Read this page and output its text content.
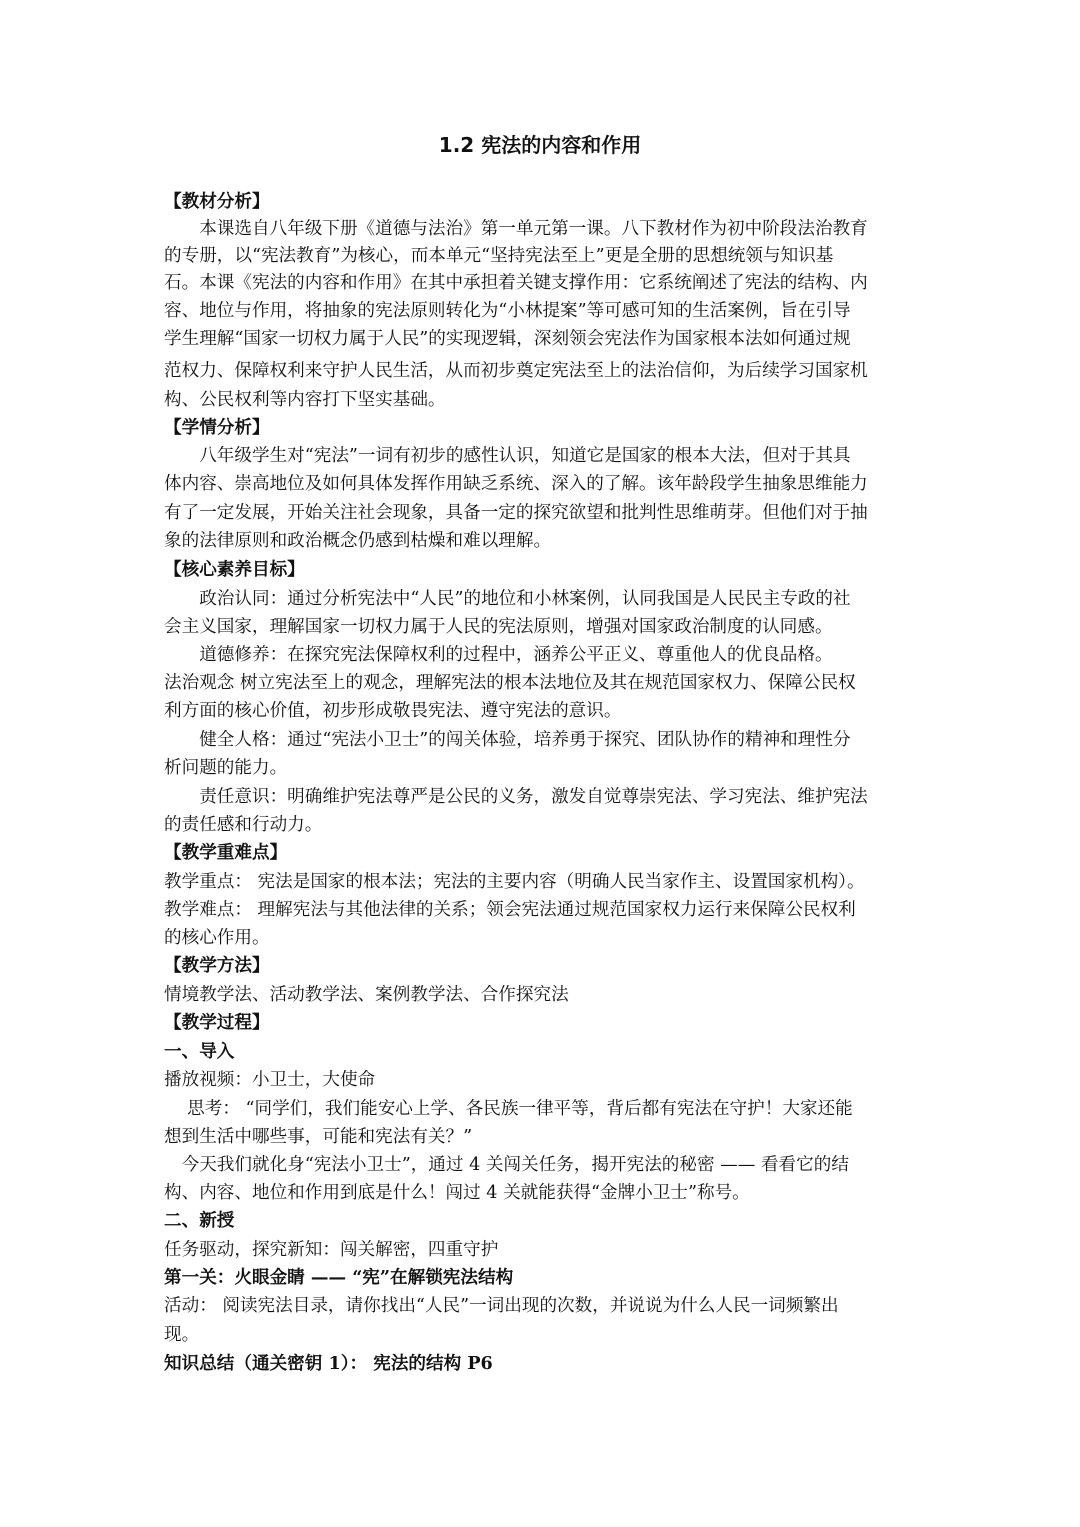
1.2 宪法的内容和作用
【教材分析】
　　本课选自八年级下册《道德与法治》第一单元第一课。八下教材作为初中阶段法治教育
的专册，以“宪法教育”为核心，而本单元“坚持宪法至上”更是全册的思想统领与知识基
石。本课《宪法的内容和作用》在其中承担着关键支撑作用：它系统阐述了宪法的结构、内
容、地位与作用，将抽象的宪法原则转化为“小林提案”等可感可知的生活案例，旨在引导
学生理解“国家一切权力属于人民”的实现逻辑，深刻领会宪法作为国家根本法如何通过规
范权力、保障权利来守护人民生活，从而初步奠定宪法至上的法治信仰，为后续学习国家机
构、公民权利等内容打下坚实基础。
【学情分析】
　　八年级学生对“宪法”一词有初步的感性认识，知道它是国家的根本大法，但对于其具
体内容、崇高地位及如何具体发挥作用缺乏系统、深入的了解。该年龄段学生抽象思维能力
有了一定发展，开始关注社会现象，具备一定的探究欲望和批判性思维萌芽。但他们对于抽
象的法律原则和政治概念仍感到枯燥和难以理解。
【核心素养目标】
　　政治认同：通过分析宪法中“人民”的地位和小林案例，认同我国是人民民主专政的社
会主义国家，理解国家一切权力属于人民的宪法原则，增强对国家政治制度的认同感。
　　道德修养：在探究宪法保障权利的过程中，涵养公平正义、尊重他人的优良品格。
法治观念 树立宪法至上的观念，理解宪法的根本法地位及其在规范国家权力、保障公民权
利方面的核心价值，初步形成敬畏宪法、遵守宪法的意识。
　　健全人格：通过“宪法小卫士”的闯关体验，培养勇于探究、团队协作的精神和理性分
析问题的能力。
　　责任意识：明确维护宪法尊严是公民的义务，激发自觉尊崇宪法、学习宪法、维护宪法
的责任感和行动力。
【教学重难点】
教学重点： 宪法是国家的根本法；宪法的主要内容（明确人民当家作主、设置国家机构）。
教学难点： 理解宪法与其他法律的关系；领会宪法通过规范国家权力运行来保障公民权利
的核心作用。
【教学方法】
情境教学法、活动教学法、案例教学法、合作探究法
【教学过程】
一、导入
播放视频：小卫士，大使命
　 思考： “同学们，我们能安心上学、各民族一律平等，背后都有宪法在守护！大家还能
想到生活中哪些事，可能和宪法有关？”
　今天我们就化身“宪法小卫士”，通过 4 关闯关任务，揭开宪法的秘密 —— 看看它的结
构、内容、地位和作用到底是什么！闯过 4 关就能获得“金牌小卫士”称号。
二、新授
任务驱动，探究新知：闯关解密，四重守护
第一关：火眼金睛 —— “宪”在解锁宪法结构
活动： 阅读宪法目录，请你找出“人民”一词出现的次数，并说说为什么人民一词频繁出
现。
知识总结（通关密钥 1）： 宪法的结构 P6
